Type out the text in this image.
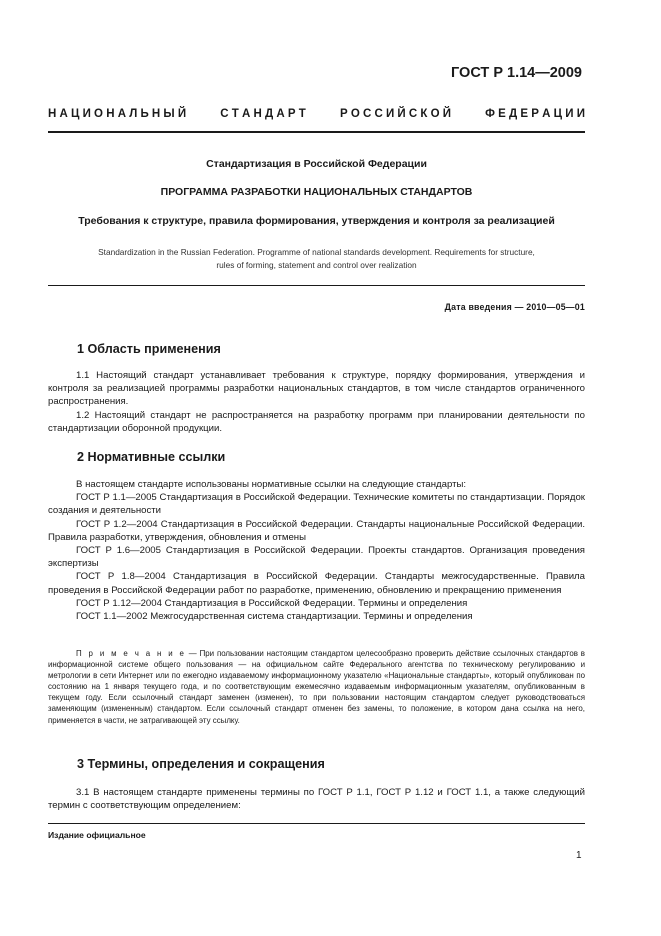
ГОСТ Р 1.14—2009
Н А Ц И О Н А Л Ь Н Ы Й	С Т А Н Д А Р Т	Р О С С И Й С К О Й	Ф Е Д Е Р А Ц И И
Стандартизация в Российской Федерации
ПРОГРАММА РАЗРАБОТКИ НАЦИОНАЛЬНЫХ СТАНДАРТОВ
Требования к структуре, правила формирования, утверждения и контроля за реализацией
Standardization in the Russian Federation. Programme of national standards development. Requirements for structure,
rules of forming, statement and control over realization
Дата введения — 2010—05—01
1 Область применения

1.1 Настоящий стандарт устанавливает требования к структуре, порядку формирования, утверждения и контроля за реализацией программы разработки национальных стандартов, в том числе стандартов ограниченного распространения.

1.2 Настоящий стандарт не распространяется на разработку программ при планировании деятельности по стандартизации оборонной продукции.

2 Нормативные ссылки

В настоящем стандарте использованы нормативные ссылки на следующие стандарты:

ГОСТ Р 1.1—2005 Стандартизация в Российской Федерации. Технические комитеты по стандартизации. Порядок создания и деятельности

ГОСТ Р 1.2—2004 Стандартизация в Российской Федерации. Стандарты национальные Российской Федерации. Правила разработки, утверждения, обновления и отмены

ГОСТ Р 1.6—2005 Стандартизация в Российской Федерации. Проекты стандартов. Организация проведения экспертизы

ГОСТ Р 1.8—2004 Стандартизация в Российской Федерации. Стандарты межгосударственные. Правила проведения в Российской Федерации работ по разработке, применению, обновлению и прекращению применения

ГОСТ Р 1.12—2004 Стандартизация в Российской Федерации. Термины и определения

ГОСТ 1.1—2002 Межгосударственная система стандартизации. Термины и определения

П р и м е ч а н и е — При пользовании настоящим стандартом целесообразно проверить действие ссылочных стандартов в информационной системе общего пользования — на официальном сайте Федерального агентства по техническому регулированию и метрологии в сети Интернет или по ежегодно издаваемому информационному указателю «Национальные стандарты», который опубликован по состоянию на 1 января текущего года, и по соответствующим ежемесячно издаваемым информационным указателям, опубликованным в текущем году. Если ссылочный стандарт заменен (изменен), то при пользовании настоящим стандартом следует руководствоваться заменяющим (измененным) стандартом. Если ссылочный стандарт отменен без замены, то положение, в котором дана ссылка на него, применяется в части, не затрагивающей эту ссылку.

3 Термины, определения и сокращения

3.1 В настоящем стандарте применены термины по ГОСТ Р 1.1, ГОСТ Р 1.12 и ГОСТ 1.1, а также следующий термин с соответствующим определением:

Издание официальное
1
